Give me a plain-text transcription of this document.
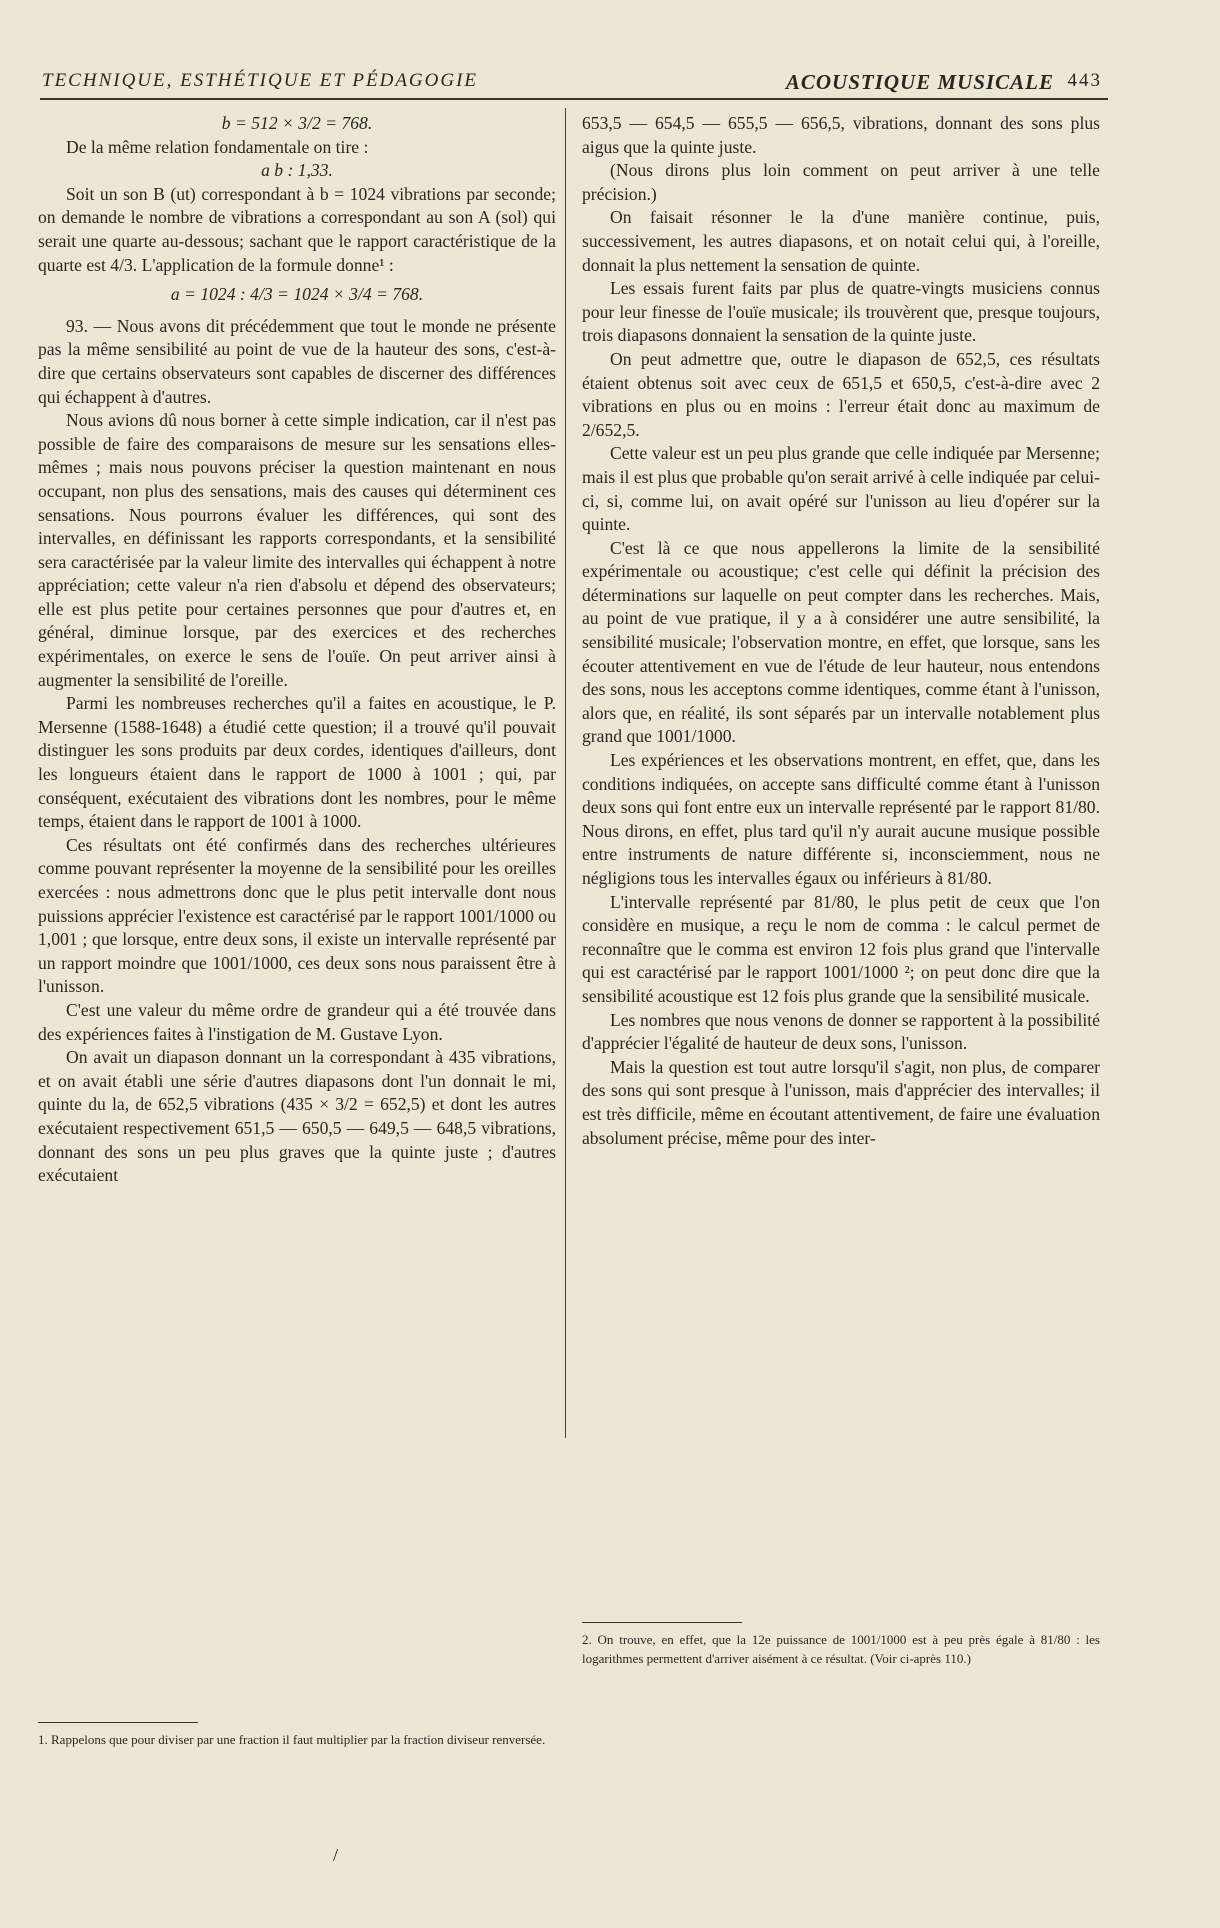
TECHNIQUE, ESTHÉTIQUE ET PÉDAGOGIE	ACOUSTIQUE MUSICALE 443

b = 512 × 3/2 = 768.

De la même relation fondamentale on tire :

a b : 1,33.

Soit un son B (ut) correspondant à b = 1024 vibrations par seconde; on demande le nombre de vibrations a correspondant au son A (sol) qui serait une quarte au-dessous; sachant que le rapport caractéristique de la quarte est 4/3. L'application de la formule donne¹ :

a = 1024 : 4/3 = 1024 × 3/4 = 768.

93. — Nous avons dit précédemment que tout le monde ne présente pas la même sensibilité au point de vue de la hauteur des sons, c'est-à-dire que certains observateurs sont capables de discerner des différences qui échappent à d'autres.

Nous avions dû nous borner à cette simple indication, car il n'est pas possible de faire des comparaisons de mesure sur les sensations elles-mêmes ; mais nous pouvons préciser la question maintenant en nous occupant, non plus des sensations, mais des causes qui déterminent ces sensations. Nous pourrons évaluer les différences, qui sont des intervalles, en définissant les rapports correspondants, et la sensibilité sera caractérisée par la valeur limite des intervalles qui échappent à notre appréciation; cette valeur n'a rien d'absolu et dépend des observateurs; elle est plus petite pour certaines personnes que pour d'autres et, en général, diminue lorsque, par des exercices et des recherches expérimentales, on exerce le sens de l'ouïe. On peut arriver ainsi à augmenter la sensibilité de l'oreille.

Parmi les nombreuses recherches qu'il a faites en acoustique, le P. Mersenne (1588-1648) a étudié cette question; il a trouvé qu'il pouvait distinguer les sons produits par deux cordes, identiques d'ailleurs, dont les longueurs étaient dans le rapport de 1000 à 1001 ; qui, par conséquent, exécutaient des vibrations dont les nombres, pour le même temps, étaient dans le rapport de 1001 à 1000.

Ces résultats ont été confirmés dans des recherches ultérieures comme pouvant représenter la moyenne de la sensibilité pour les oreilles exercées : nous admettrons donc que le plus petit intervalle dont nous puissions apprécier l'existence est caractérisé par le rapport 1001/1000 ou 1,001 ; que lorsque, entre deux sons, il existe un intervalle représenté par un rapport moindre que 1001/1000, ces deux sons nous paraissent être à l'unisson.

C'est une valeur du même ordre de grandeur qui a été trouvée dans des expériences faites à l'instigation de M. Gustave Lyon.

On avait un diapason donnant un la correspondant à 435 vibrations, et on avait établi une série d'autres diapasons dont l'un donnait le mi, quinte du la, de 652,5 vibrations (435 × 3/2 = 652,5) et dont les autres exécutaient respectivement 651,5 — 650,5 — 649,5 — 648,5 vibrations, donnant des sons un peu plus graves que la quinte juste ; d'autres exécutaient

1. Rappelons que pour diviser par une fraction il faut multiplier par la fraction diviseur renversée.

653,5 — 654,5 — 655,5 — 656,5, vibrations, donnant des sons plus aigus que la quinte juste.

(Nous dirons plus loin comment on peut arriver à une telle précision.)

On faisait résonner le la d'une manière continue, puis, successivement, les autres diapasons, et on notait celui qui, à l'oreille, donnait la plus nettement la sensation de quinte.

Les essais furent faits par plus de quatre-vingts musiciens connus pour leur finesse de l'ouïe musicale; ils trouvèrent que, presque toujours, trois diapasons donnaient la sensation de la quinte juste.

On peut admettre que, outre le diapason de 652,5, ces résultats étaient obtenus soit avec ceux de 651,5 et 650,5, c'est-à-dire avec 2 vibrations en plus ou en moins : l'erreur était donc au maximum de 2/652,5.

Cette valeur est un peu plus grande que celle indiquée par Mersenne; mais il est plus que probable qu'on serait arrivé à celle indiquée par celui-ci, si, comme lui, on avait opéré sur l'unisson au lieu d'opérer sur la quinte.

C'est là ce que nous appellerons la limite de la sensibilité expérimentale ou acoustique; c'est celle qui définit la précision des déterminations sur laquelle on peut compter dans les recherches. Mais, au point de vue pratique, il y a à considérer une autre sensibilité, la sensibilité musicale; l'observation montre, en effet, que lorsque, sans les écouter attentivement en vue de l'étude de leur hauteur, nous entendons des sons, nous les acceptons comme identiques, comme étant à l'unisson, alors que, en réalité, ils sont séparés par un intervalle notablement plus grand que 1001/1000.

Les expériences et les observations montrent, en effet, que, dans les conditions indiquées, on accepte sans difficulté comme étant à l'unisson deux sons qui font entre eux un intervalle représenté par le rapport 81/80. Nous dirons, en effet, plus tard qu'il n'y aurait aucune musique possible entre instruments de nature différente si, inconsciemment, nous ne négligions tous les intervalles égaux ou inférieurs à 81/80.

L'intervalle représenté par 81/80, le plus petit de ceux que l'on considère en musique, a reçu le nom de comma : le calcul permet de reconnaître que le comma est environ 12 fois plus grand que l'intervalle qui est caractérisé par le rapport 1001/1000 ²; on peut donc dire que la sensibilité acoustique est 12 fois plus grande que la sensibilité musicale.

Les nombres que nous venons de donner se rapportent à la possibilité d'apprécier l'égalité de hauteur de deux sons, l'unisson.

Mais la question est tout autre lorsqu'il s'agit, non plus, de comparer des sons qui sont presque à l'unisson, mais d'apprécier des intervalles; il est très difficile, même en écoutant attentivement, de faire une évaluation absolument précise, même pour des inter-

2. On trouve, en effet, que la 12e puissance de 1001/1000 est à peu près égale à 81/80 : les logarithmes permettent d'arriver aisément à ce résultat. (Voir ci-après 110.)
/
